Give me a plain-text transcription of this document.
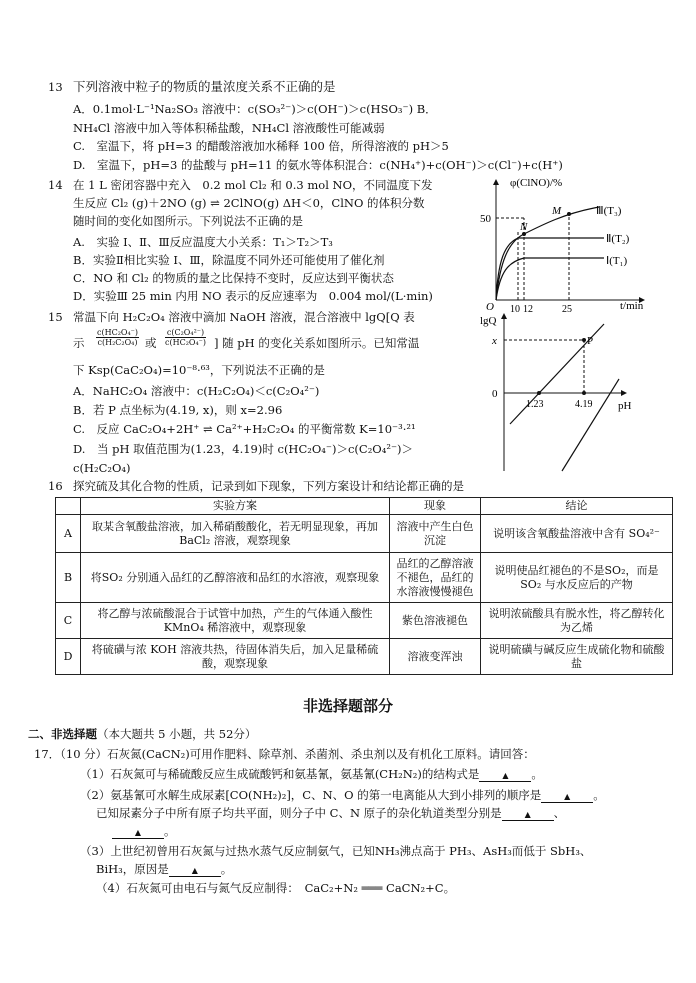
13 下列溶液中粒子的物质的量浓度关系不正确的是
A．0.1mol·L⁻¹Na₂SO₃ 溶液中：c(SO₃²⁻)＞c(OH⁻)＞c(HSO₃⁻) B．
NH₄Cl 溶液中加入等体积稀盐酸，NH₄Cl 溶液酸性可能减弱
C.　室温下，将 pH=3 的醋酸溶液加水稀释 100 倍，所得溶液的 pH＞5
D.　室温下，pH=3 的盐酸与 pH=11 的氨水等体积混合：c(NH₄⁺)+c(OH⁻)＞c(Cl⁻)+c(H⁺)
14 在 1 L 密闭容器中充入　0.2 mol Cl₂ 和 0.3 mol NO，不同温度下发
生反应 Cl₂ (g)＋2NO (g) ⇌ 2ClNO(g) ΔH＜0，ClNO 的体积分数
随时间的变化如图所示。下列说法不正确的是
A.　实验 Ⅰ、Ⅱ、Ⅲ反应温度大小关系：T₁＞T₂＞T₃
B．实验Ⅱ相比实验 Ⅰ、Ⅲ，除温度不同外还可能使用了催化剂
C．NO 和 Cl₂ 的物质的量之比保持不变时，反应达到平衡状态
D．实验Ⅲ 25 min 内用 NO 表示的反应速率为　0.004 mol/(L·min)
φ(ClNO)/%
t/min
O
50
10 12	25
N
M	Ⅲ(T₃)
Ⅱ(T₂)
Ⅰ(T₁)
15 常温下向 H₂C₂O₄ 溶液中滴加 NaOH 溶液，混合溶液中 lgQ[Q 表
示
c(HC₂O₄⁻)
c(H₂C₂O₄) 或
c(C₂O₄²⁻)
c(HC₂O₄⁻) ] 随 pH 的变化关系如图所示。已知常温
下 Ksp(CaC₂O₄)=10⁻⁸·⁶³，下列说法不正确的是
A．NaHC₂O₄ 溶液中：c(H₂C₂O₄)＜c(C₂O₄²⁻)
B．若 P 点坐标为(4.19, x)，则 x=2.96
C.　反应 CaC₂O₄+2H⁺ ⇌ Ca²⁺+H₂C₂O₄ 的平衡常数 K=10⁻³·²¹
D.　当 pH 取值范围为(1.23，4.19)时 c(HC₂O₄⁻)＞c(C₂O₄²⁻)＞
c(H₂C₂O₄)
lgQ
pH
x
0
P
1.23	4.19
16 探究硫及其化合物的性质，记录到如下现象，下列方案设计和结论都正确的是
	实验方案	现象	结论
A	取某含氧酸盐溶液，加入稀硝酸酸化，若无明显现象，再加 BaCl₂ 溶液，观察现象	溶液中产生白色沉淀	说明该含氧酸盐溶液中含有 SO₄²⁻
B	将SO₂ 分别通入品红的乙醇溶液和品红的水溶液，观察现象	品红的乙醇溶液不褪色，品红的水溶液慢慢褪色	说明使品红褪色的不是SO₂，而是 SO₂ 与水反应后的产物
C	将乙醇与浓硫酸混合于试管中加热，产生的气体通入酸性 KMnO₄ 稀溶液中，观察现象	紫色溶液褪色	说明浓硫酸具有脱水性，将乙醇转化为乙烯
D	将硫磺与浓 KOH 溶液共热，待固体消失后，加入足量稀硫酸，观察现象	溶液变浑浊	说明硫磺与碱反应生成硫化物和硫酸盐
非选择题部分
二、非选择题（本大题共 5 小题，共 52分）
17．（10 分）石灰氮(CaCN₂)可用作肥料、除草剂、杀菌剂、杀虫剂以及有机化工原料。请回答：
（1）石灰氮可与稀硫酸反应生成硫酸钙和氨基氰，氨基氰(CH₂N₂)的结构式是	▲ 。
（2）氨基氰可水解生成尿素[CO(NH₂)₂]，C、N、O 的第一电离能从大到小排列的顺序是	▲ 。
已知尿素分子中所有原子均共平面，则分子中 C、N 原子的杂化轨道类型分别是	▲ 、
▲ 。
（3）上世纪初曾用石灰氮与过热水蒸气反应制氨气，已知NH₃沸点高于 PH₃、AsH₃而低于 SbH₃、
BiH₃，原因是	▲ 。
（4）石灰氮可由电石与氮气反应制得：　CaC₂+N₂ ═══ CaCN₂+C。
